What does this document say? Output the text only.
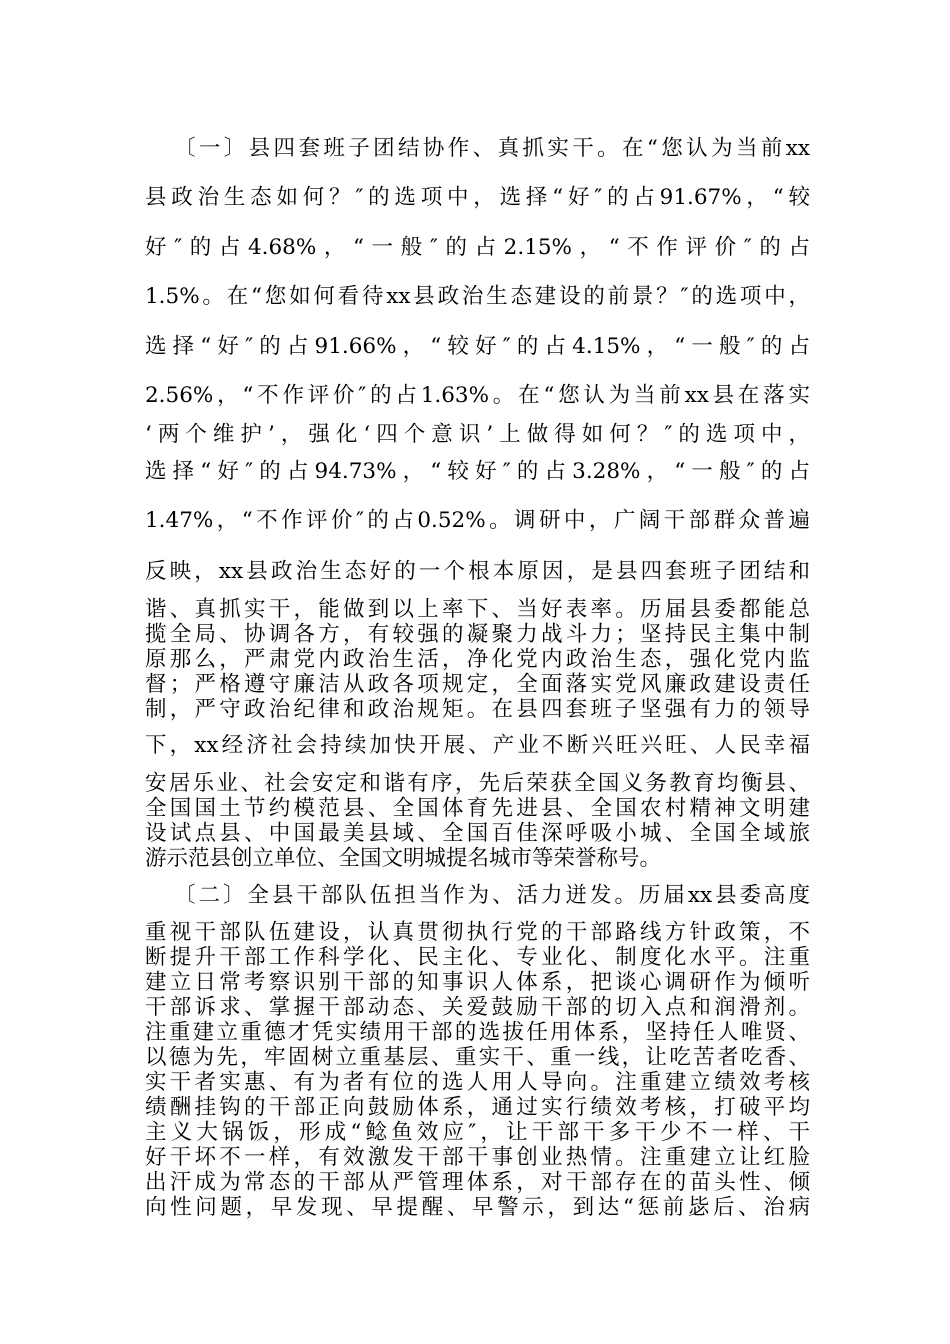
〔一〕县四套班子团结协作、真抓实干。在“您认为当前xx
县政治生态如何？″的选项中，选择“好″的占91.67%，“较
好″的占4.68%，“一般″的占2.15%，“不作评价″的占
1.5%。在“您如何看待xx县政治生态建设的前景？″的选项中，
选择“好″的占91.66%，“较好″的占4.15%，“一般″的占
2.56%，“不作评价″的占1.63%。在“您认为当前xx县在落实
‘两个维护’，强化‘四个意识’上做得如何？″的选项中，
选择“好″的占94.73%，“较好″的占3.28%，“一般″的占
1.47%，“不作评价″的占0.52%。调研中，广阔干部群众普遍
反映，xx县政治生态好的一个根本原因，是县四套班子团结和
谐、真抓实干，能做到以上率下、当好表率。历届县委都能总
揽全局、协调各方，有较强的凝聚力战斗力；坚持民主集中制
原那么，严肃党内政治生活，净化党内政治生态，强化党内监
督；严格遵守廉洁从政各项规定，全面落实党风廉政建设责任
制，严守政治纪律和政治规矩。在县四套班子坚强有力的领导
下，xx经济社会持续加快开展、产业不断兴旺兴旺、人民幸福
安居乐业、社会安定和谐有序，先后荣获全国义务教育均衡县、
全国国土节约模范县、全国体育先进县、全国农村精神文明建
设试点县、中国最美县域、全国百佳深呼吸小城、全国全域旅
游示范县创立单位、全国文明城提名城市等荣誉称号。
〔二〕全县干部队伍担当作为、活力迸发。历届xx县委高度
重视干部队伍建设，认真贯彻执行党的干部路线方针政策，不
断提升干部工作科学化、民主化、专业化、制度化水平。注重
建立日常考察识别干部的知事识人体系，把谈心调研作为倾听
干部诉求、掌握干部动态、关爱鼓励干部的切入点和润滑剂。
注重建立重德才凭实绩用干部的选拔任用体系，坚持任人唯贤、
以德为先，牢固树立重基层、重实干、重一线，让吃苦者吃香、
实干者实惠、有为者有位的选人用人导向。注重建立绩效考核
绩酬挂钩的干部正向鼓励体系，通过实行绩效考核，打破平均
主义大锅饭，形成“鲶鱼效应″，让干部干多干少不一样、干
好干坏不一样，有效激发干部干事创业热情。注重建立让红脸
出汗成为常态的干部从严管理体系，对干部存在的苗头性、倾
向性问题，早发现、早提醒、早警示，到达“惩前毖后、治病
